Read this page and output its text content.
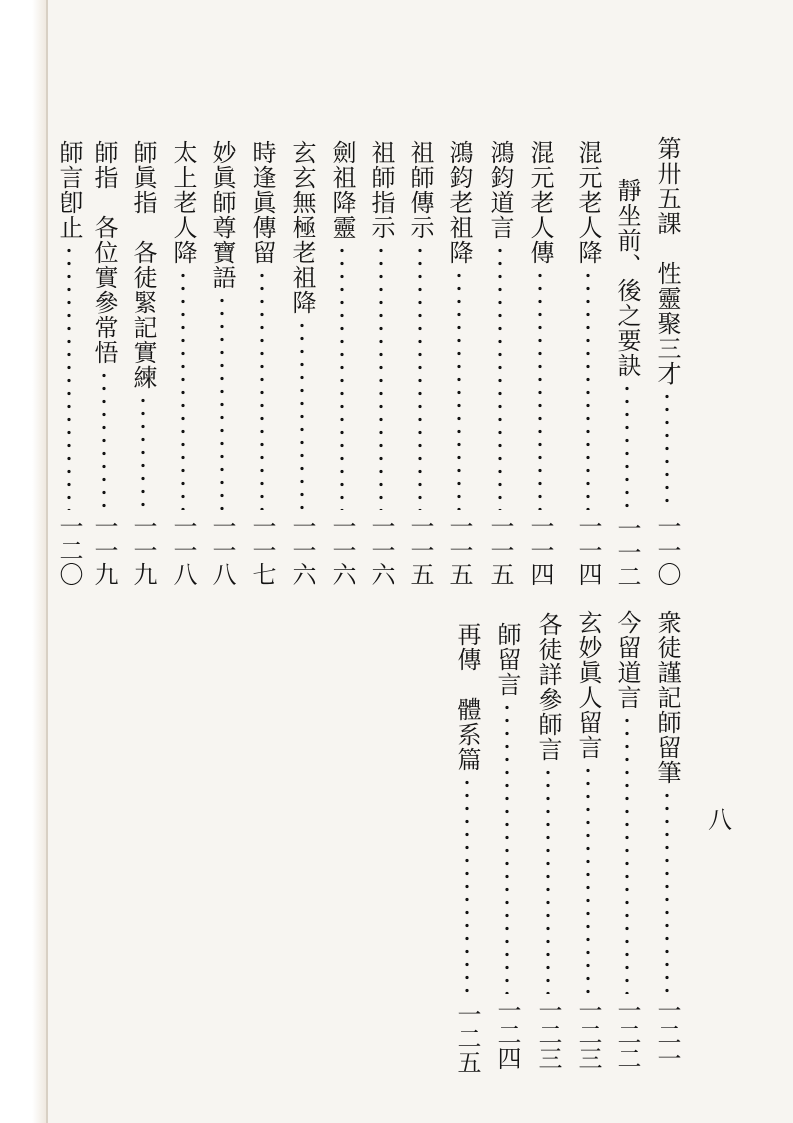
第卅五課　性靈聚三才
一一〇
靜坐前、後之要訣
一一二
混元老人降
一一四
混元老人傳
一一四
鴻鈞道言
一一五
鴻鈞老祖降
一一五
祖師傳示
一一五
祖師指示
一一六
劍祖降靈
一一六
玄玄無極老祖降
一一六
時逢眞傳留
一一七
妙眞師尊寶語
一一八
太上老人降
一一八
師眞指　各徒緊記實練
一一九
師指　各位實參常悟
一一九
師言卽止
一二〇
衆徒謹記師留筆
一二一
今留道言
一二二
玄妙眞人留言
一二三
各徒詳參師言
一二三
師留言
一二四
再傳　體系篇
一二五
八
